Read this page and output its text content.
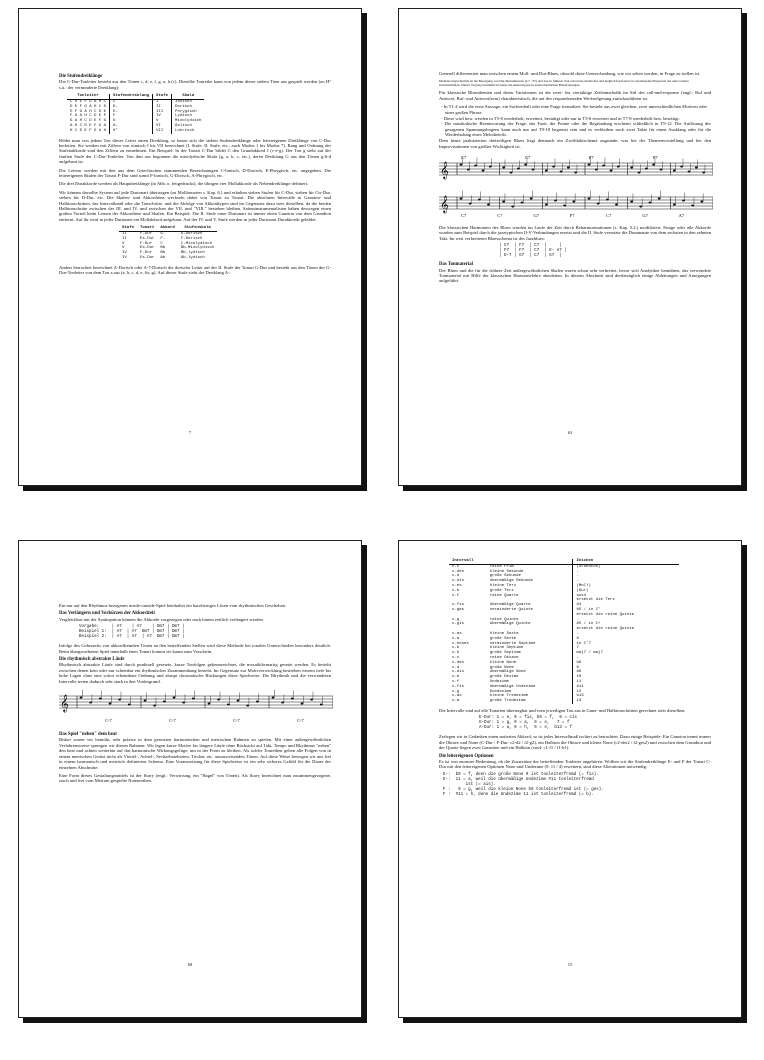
Die Stufendreiklänge
Die C-Dur-Tonleiter besteht aus den Tönen c, d, e, f, g, a, h (c). Dieselbe Tonreihe kann von jedem dieser sieben Töne aus gespielt werden (zu H° s.u.: der verminderte Dreiklang):
Tonleiter	Stufendreiklang	Stufe	Skala
C D E F G A H C	C	I	Ionisch
D E F G A H C D	D-	II	Dorisch
E F G A H C D E	E-	III	Phrygisch
F G A H C D E F	F	IV	Lydisch
G A H C D E F G	G	V	Mixolydisch
A H C D E F G A	A-	VI	Äolisch
H C D E F G A H	H°	VII	Lokrisch
Bildet man von jedem Ton dieser Leiter einen Dreiklang, so basen sich die sieben Stufendreiklänge oder leitereigenen Dreiklänge von C-Dur herleiten. Sie werden mit Ziffern von römisch I bis VII bezeichnet (I. Stufe, II. Stufe, etc., auch Modus 1 bis Modus 7). Rang und Ordnung der Stufenakkorde sind den Ziffern zu entnehmen. Ein Beispiel: In der Tonart C-Dur bildet C den Grundakkord I (c-e-g). Der Ton g steht auf der fünften Stufe der C-Dur-Tonleiter. Von ihm aus begonnen die mixolydische Skala (g, a, h, c, etc.), deren Dreiklang G aus den Tönen g-h-d aufgebaut ist.
Die Leitern werden mit den aus dem Griechischen stammenden Bezeichnungen C-Ionisch, D-Dorisch, E-Phrygisch, etc. angegeben. Die leitereigenen Skalen der Tonart F-Dur sind somit F-Ionisch, G-Dorisch, A-Phrygisch, etc.
Die drei Durakkorde werden als Hauptdreiklänge (in Abb. o. fettgedruckt), die übrigen vier Mollakkorde als Nebendreiklänge definiert.
Wir können dasselbe System auf jede Durtonart übertragen (zu Molltonarten s. Kap. 6.) und erhalten sieben Stufen für C-Dur, sieben für Cis-Dur, sieben für D-Dur, etc. Die Skalen- und Akkordtöne wechseln dabei von Tonart zu Tonart. Die absoluten Intervalle in Ganzton- und Halbtonschritten, das Intervallmaß oder die Tonschritte, und die Abfolge von Akkordtypen sind im Gegensatz dazu stets dieselben, da die beiden Halbtonschritte zwischen der III. und IV. und zwischen der VII. und "VIII." bestehen bleiben. Saiteninstrumentalisten haben deswegen einen großen Vorteil beim Lernen der Akkordtöne und Skalen. Ein Beispiel: Die II. Stufe einer Durtonart ist immer einen Ganzton von dem Grundton entfernt. Auf ihr wird in jeder Durtonart ein Mollakkord aufgebaut. Auf der IV. und V. Stufe werden in jeder Durtonart Durakkorde gebildet.
Stufe	Tonart	Akkord	Stufenskala
II	F-Dur	G-	G-Dorisch
II	Es-Dur	F-	F-Dorisch
V	F-Dur	C	C-Mixolydisch
V	Es-Dur	Bb	Bb-Mixolydisch
IV	F-Dur	Bb	Bb-lydisch
IV	Es-Dur	Ab	Ab-lydisch
Anders betrachtet bezeichnet A-Dorisch oder A-7-Dorisch die dorische Leiter auf der II. Stufe der Tonart G-Dur und besteht aus den Tönen der G-Dur-Tonleiter von dem Ton a aus (a, h, c, d, e, fis, g). Auf dieser Stufe steht der Dreiklang A-.
7
Generell differenziert man zwischen einem Moll- und Dur-Blues, obwohl diese Unterscheidung, wie wir sehen werden, in Frage zu stellen ist.
Dieheterologischrelich ist die Bewegung von Dur-Melodiktonen (C7 - F7) und den in früherer Zeit wirt-beste rüedisches und leuglich horizontal zu verstehenden Fingersatz auf einer Gitarre zurückzuführen. Dieser Vorgang bestimmt bis heute die Akkordtypen in unterschiedlichen Bluesfassungen.
Für klassische Bluesthemen und deren Variationen ist die zwei- bis viertaktige Zeilenmelodik im Stil des call-and-response (engl.: Ruf und Antwort, Ruf- und Antwortform) charakteristisch, die auf des responderenden Wechselgesang zurückzuführen ist.
- In T1-4 wird die erste Aussage, ein Sachverhalt oder eine Frage formuliert. Sie besteht aus zwei gleichen, zwei unterschiedlichen Motiven oder einer großen Phrase.
- Diese wird bzw. werden in T5-8 wiederholt, erweitert, bestätigt oder nur in T5-6 erweitert und in T7-8 wiederholt bzw. bestätigt.
- Die musikalische Beantwortung der Frage, das Fazit, die Pointe oder die Begründung erscheint schließlich in T9-12. Die Auflösung des gesagenen Spannungsbogens kann auch nur auf T9-10 begrenzt sein und es verbleiben noch zwei Takte für einen Ausklang oder für die Wiederholung eines Melodieteils.
Dem heute praktizierten dreizeiligen Blues liegt demnach ein Zwölftaktschema zugrunde, was bei der Themenvorstellung und bei den Improvisationen von größter Wichtigkeit ist.
𝄞
𝄞
C7	C7	F7	F7
C7	C7	G7	F7	C7	G7	A7
Die klassischen Harmonien des Blues wurden im Laufe der Zeit durch Reharmonisationen (s. Kap. 5.2.) modifiziert. Einige oder alle Akkorde wurden zum Beispiel durch die jazztypischen II-V-Verbindungen ersetzt und die II. Stufe versetzte die Dominante von dem sechsten in den zehnten Takt. Im weit verbreiteten Bluesschema ist des Jazzblues:
| C7  | F7  | C7  |     |
| F7  | F7  | C7  | E- A7 |
| D-7 | G7  | C7  | G7  |
Das Tonmaterial
Der Blues und die für die frühere Zeit außergewöhnlichen Skalen waren schon sehr verbreitet, bevor sich Analytiker bemühten, das verwendete Tonmaterial mit Hilfe der klassischen Harmonielehre abzuleiten. In diesem Abschnitt sind diesbezüglich einige Ableitungen und Anregungen aufgeführt.
63
Ein nur auf den Rhythmus bezogenes inside-outside-Spiel beinhaltet ein kurzfristiges Lösen vom rhythmischen Geschehen.
Das Verlängern und Verkürzen der Akkordzeit
Vergleichbar mit der Synkopation können die Akkorde vorgezogen oder nach hinten zeitlich verlängert werden.
Vorgabe:     | A7    | A7    | Dm7 | Dm7 |
Beispiel 1:  | A7  | A7  Dm7 | Dm7 | Dm7 |
Beispiel 2:  | A7  | A7  | A7  Dm7 | Dm7 |
Infolge des Gebrauchs von akkordfremden Tönen an den betreffenden Stellen wird diese Methode bei tonalen Unterschieden besonders deutlich. Beim übergeordneten Spiel innerhalb einer Tonart kommt sie kaum zum Vorschein.
Die rhythmisch abstrakte Läufe
Rhythmisch abstrakte Läufe sind durch punktuell gesetzte, kurze Tonfolgen gekennzeichnet, die mosaikförmartig gesetzt werden. Es besteht zwischen denen kein oder nur scheinbar ein rhythmischer Zusammenhang besteht. Im Gegensatz zur Motivverwicklung bestreben extrem tiefe bis hohe Lagen ohne eine sofort erkennbare Ordnung und abrupt chromatische Rückungen diese Spielweise. Die Rhythmik und die verwendeten Intervalle treten dadurch sehr stark in den Vordergrund.
𝄞
C-7	C-7	C-7	C-7
Das Spiel "neben" dem beat
Bisher waren wir bemüht, sehr präzise in dem gesetzten harmonischen und metrischen Rahmen zu spielen. Mit einer außergewöhnlichen Verfahrensweise sprengen wir diesen Rahmen: Wir legen kurze Motive bis längere Läufe ohne Rücksicht auf Takt, Tempo und Rhythmus "neben" den beat und achten weiterhin auf das harmonische Wirkungsgefüge, um in der Form zu bleiben. Als solche Tonreihen gelten alle Folgen von in einem metrischen Gerüst nicht als Viertel-, Achtel-, Sechzehntelnoten, Triolen, etc. auszuweisenden Tönen. Auf diese Weise bewegen wir uns frei in einem harmonisch und metrisch definierten Schema. Eine Voraussetzung für diese Spielweise ist ein sehr sicheres Gefühl für die Dauer der einzelnen Abschnitte.
Eine Form dieses Gestaltungsmittels ist der flurry (engl.: Verwirrung, ein "Hagel" von Tönen). Als flurry bezeichnet man zusammengezogene, rasch und frei vom Metrum gespielte Notenreihen.
68
Intervall		Zeichen
c-c	reine Prim	(Grundton)
c-des	kleine Sekunde	-
c-d	große Sekunde	-
c-dis	übermäßige Sekunde	-
c-es	kleine Terz	(Moll)
c-e	große Terz	(Dur)
c-f	reine Quarte	sus4
		ersetzt die Terz
c-fis	übermäßige Quarte	#4
c-ges	verminderte Quinte	b5 / in C°
		ersetzt die reine Quinte
c-g	reine Quinte	-
c-gis	übermäßige Quinte	#5 / in C+
		ersetzt die reine Quinte
c-as	kleine Sexte	-
c-a	große Sexte	6
c-heses	verminderte Septime	in C°7
c-b	kleine Septime	7
c-h	große Septime	maj7 / maj7
c-c	reine Oktave	-
c-des	kleine None	b9
c-d	große None	9
c-dis	übermäßige None	#9
c-e	große Dezime	10
c-f	Undezime	11
c-fis	übermäßige Undezime	#11
c-g	Duodezime	12
c-as	kleine Tredezime	b13
c-a	große Tredezime	13
Die Intervalle sind auf alle Tonarten übertragbar und vom jeweiligen Ton aus in Ganz- und Halbtonschritten gerechnet stets dieselben.
E-Dur: 1 = e, 9 = fis, b9 = f,  6 = cis
G-Dur: 1 = g, 9 = a,  6 = e,   7 = f
A-Dur: 1 = a, 9 = h,  5 = e,  b13 = f
Zerlegen wir in Gedanken einen notierten Akkord, so ist jedes Intervallmaß isoliert zu betrachten. Dazu einige Beispiele: Ein Ganzton trennt immer die Oktave und None (C-Dur / F-Dur: c2-d2 / f2-g2), ein Halbton die Oktave und kleine None (c2-des2 / f2-ges2) und zwischen dem Grundton und der Quarte liegen zwei Ganztöne und ein Halbton (sus4: c1-f1 / f1-b1).
Die leitereigenen Optionen
Es ist von enormer Bedeutung, ob die Zusatztöne der betreffenden Tonleiter angehören. Wollten wir die Stufendreiklänge E- und F der Tonart C-Dur mit den leitereigenen Optionen None und Undezime (9, 11 / 4) erweitern, sind diese Alterationen notwendig:
E-:  b9 = f, denn die große None 9 ist tonleiterfremd (= fis).
E-:  11 = a, weil die übermäßige Undezime #11 tonleiterfremd
ist (= ais).
F :   9 = g, weil die kleine None b9 tonleiterfremd ist (= ges).
F :  #11 = h, denn die Undezime 11 ist tonleiterfremd (= b).
15
